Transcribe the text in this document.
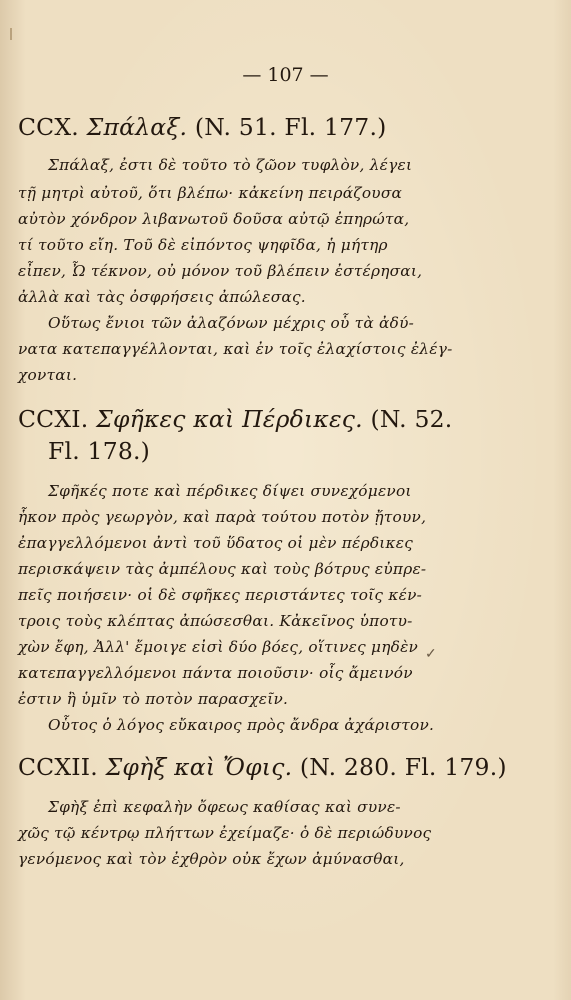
— 107 —
CCX. Σπάλαξ. (N. 51. Fl. 177.)
Σπάλαξ, ἐστι δὲ τοῦτο τὸ ζῶον τυφλὸν, λέγει
τῇ μητρὶ αὐτοῦ, ὅτι βλέπω· κἀκείνη πειράζουσα
αὐτὸν χόνδρον λιβανωτοῦ δοῦσα αὐτῷ ἐπηρώτα,
τί τοῦτο εἴη. Τοῦ δὲ εἰπόντος ψηφῖδα, ἡ μήτηρ
εἶπεν, Ὦ τέκνον, οὐ μόνον τοῦ βλέπειν ἐστέρησαι,
ἀλλὰ καὶ τὰς ὀσφρήσεις ἀπώλεσας.
Οὕτως ἔνιοι τῶν ἀλαζόνων μέχρις οὗ τὰ ἀδύ-
νατα κατεπαγγέλλονται, καὶ ἐν τοῖς ἐλαχίστοις ἐλέγ-
χονται.
CCXI. Σφῆκες καὶ Πέρδικες. (N. 52.
Fl. 178.)
Σφῆκές ποτε καὶ πέρδικες δίψει συνεχόμενοι
ἧκον πρὸς γεωργὸν, καὶ παρὰ τούτου ποτὸν ᾔτουν,
ἐπαγγελλόμενοι ἀντὶ τοῦ ὕδατος οἱ μὲν πέρδικες
περισκάψειν τὰς ἀμπέλους καὶ τοὺς βότρυς εὐπρε-
πεῖς ποιήσειν· οἱ δὲ σφῆκες περιστάντες τοῖς κέν-
τροις τοὺς κλέπτας ἀπώσεσθαι. Κἀκεῖνος ὑποτυ-
χὼν ἔφη, Ἀλλ' ἔμοιγε εἰσὶ δύο βόες, οἵτινες μηδὲν
κατεπαγγελλόμενοι πάντα ποιοῦσιν· οἷς ἄμεινόν
ἐστιν ἢ ὑμῖν τὸ ποτὸν παρασχεῖν.
✓
Οὗτος ὁ λόγος εὔκαιρος πρὸς ἄνδρα ἀχάριστον.
CCXII. Σφὴξ καὶ Ὄφις. (N. 280. Fl. 179.)
Σφὴξ ἐπὶ κεφαλὴν ὄφεως καθίσας καὶ συνε-
χῶς τῷ κέντρῳ πλήττων ἐχείμαζε· ὁ δὲ περιώδυνος
γενόμενος καὶ τὸν ἐχθρὸν οὐκ ἔχων ἀμύνασθαι,
